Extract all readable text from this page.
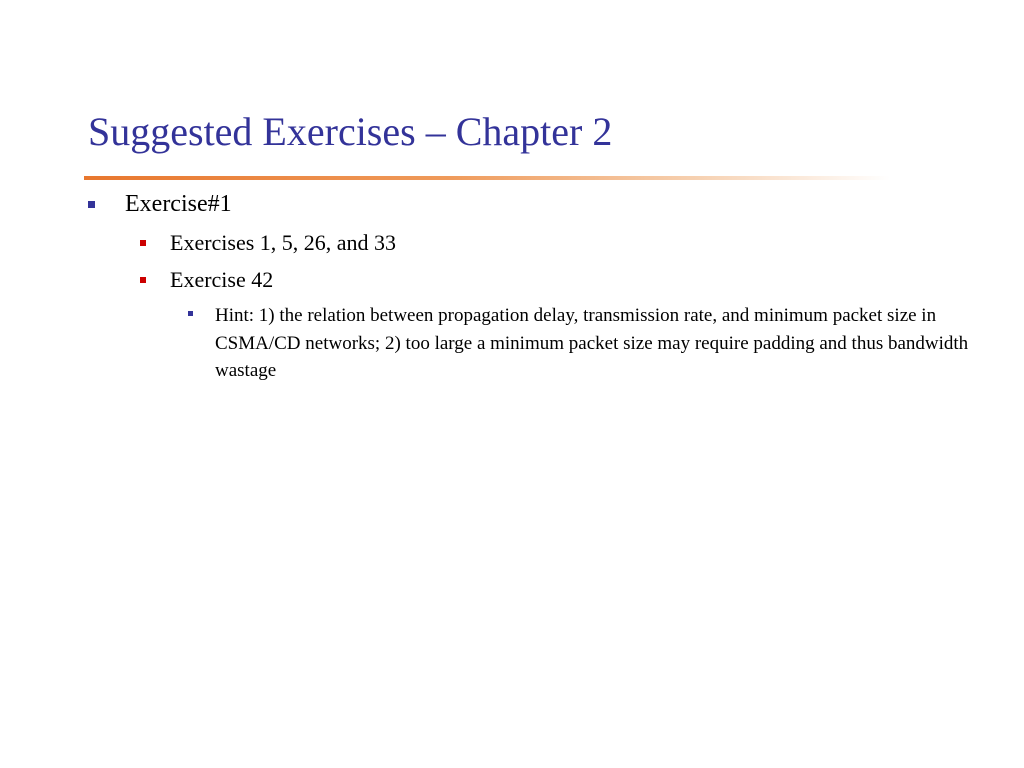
Suggested Exercises – Chapter 2
Exercise#1
Exercises 1, 5, 26, and 33
Exercise 42
Hint: 1) the relation between propagation delay, transmission rate, and minimum packet size in CSMA/CD networks; 2) too large a minimum packet size may require padding and thus bandwidth wastage
